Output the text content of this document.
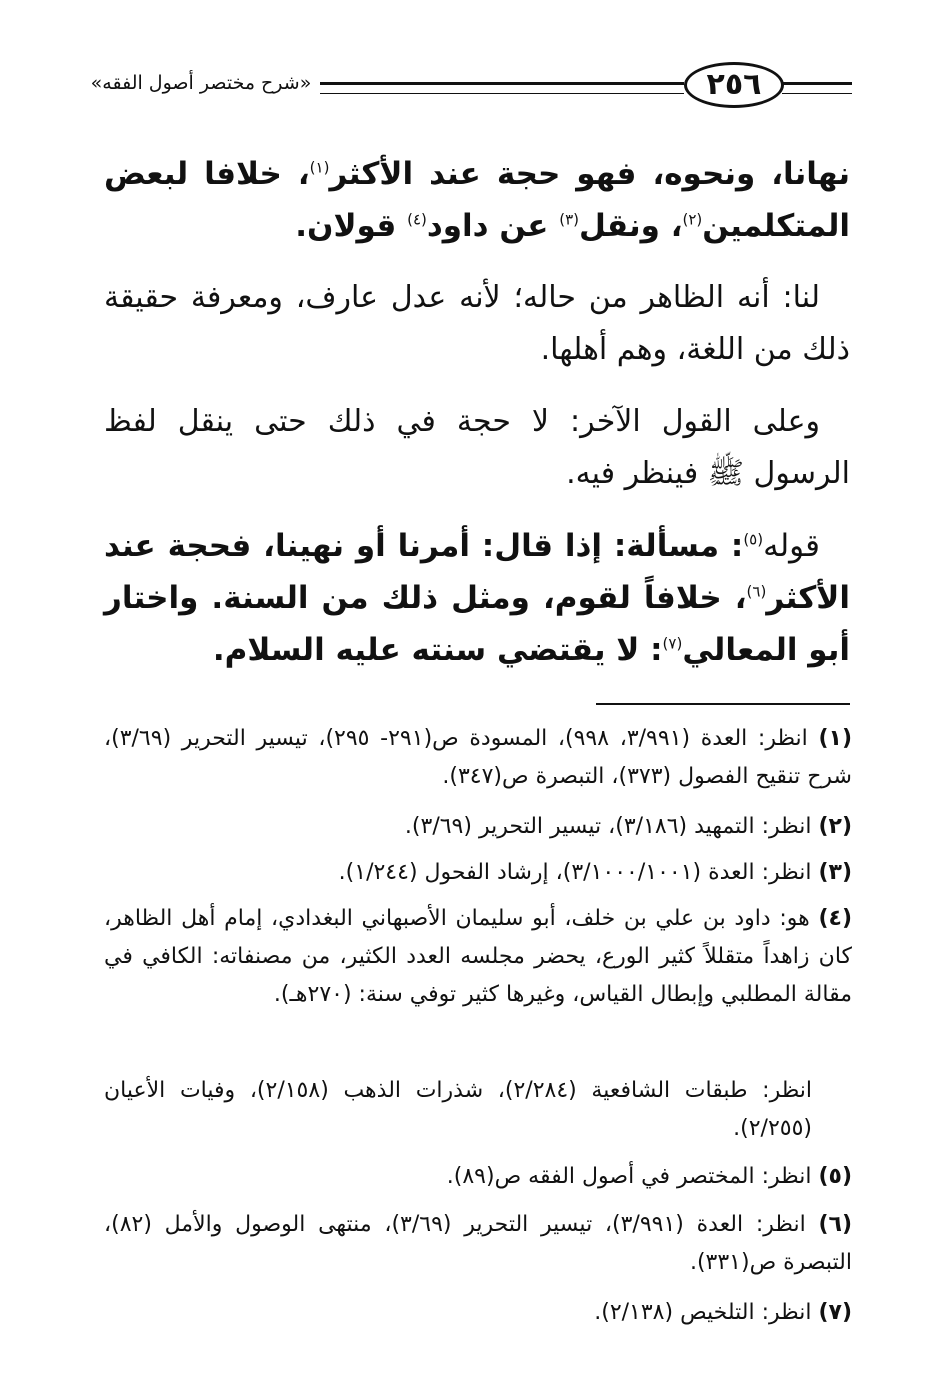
٢٥٦
«شرح مختصر أصول الفقه»
نهانا، ونحوه، فهو حجة عند الأكثر$^{(١)}$، خلافا لبعض المتكلمين$^{(٢)}$، ونقل$^{(٣)}$ عن داود$^{(٤)}$ قولان.
لنا: أنه الظاهر من حاله؛ لأنه عدل عارف، ومعرفة حقيقة ذلك من اللغة، وهم أهلها.
وعلى القول الآخر: لا حجة في ذلك حتى ينقل لفظ الرسول ﷺ فينظر فيه.
قوله$^{(٥)}$: مسألة: إذا قال: أمرنا أو نهينا، فحجة عند الأكثر$^{(٦)}$، خلافاً لقوم، ومثل ذلك من السنة. واختار أبو المعالي$^{(٧)}$: لا يقتضي سنته عليه السلام.
(١) انظر: العدة (٣/٩٩١، ٩٩٨)، المسودة ص(٢٩١- ٢٩٥)، تيسير التحرير (٣/٦٩)، شرح تنقيح الفصول (٣٧٣)، التبصرة ص(٣٤٧).
(٢) انظر: التمهيد (٣/١٨٦)، تيسير التحرير (٣/٦٩).
(٣) انظر: العدة (٣/١٠٠٠/١٠٠١)، إرشاد الفحول (١/٢٤٤).
(٤) هو: داود بن علي بن خلف، أبو سليمان الأصبهاني البغدادي، إمام أهل الظاهر، كان زاهداً متقللاً كثير الورع، يحضر مجلسه العدد الكثير، من مصنفاته: الكافي في مقالة المطلبي وإبطال القياس، وغيرها كثير توفي سنة: (٢٧٠هـ).
انظر: طبقات الشافعية (٢/٢٨٤)، شذرات الذهب (٢/١٥٨)، وفيات الأعيان (٢/٢٥٥).
(٥) انظر: المختصر في أصول الفقه ص(٨٩).
(٦) انظر: العدة (٣/٩٩١)، تيسير التحرير (٣/٦٩)، منتهى الوصول والأمل (٨٢)، التبصرة ص(٣٣١).
(٧) انظر: التلخيص (٢/١٣٨).
